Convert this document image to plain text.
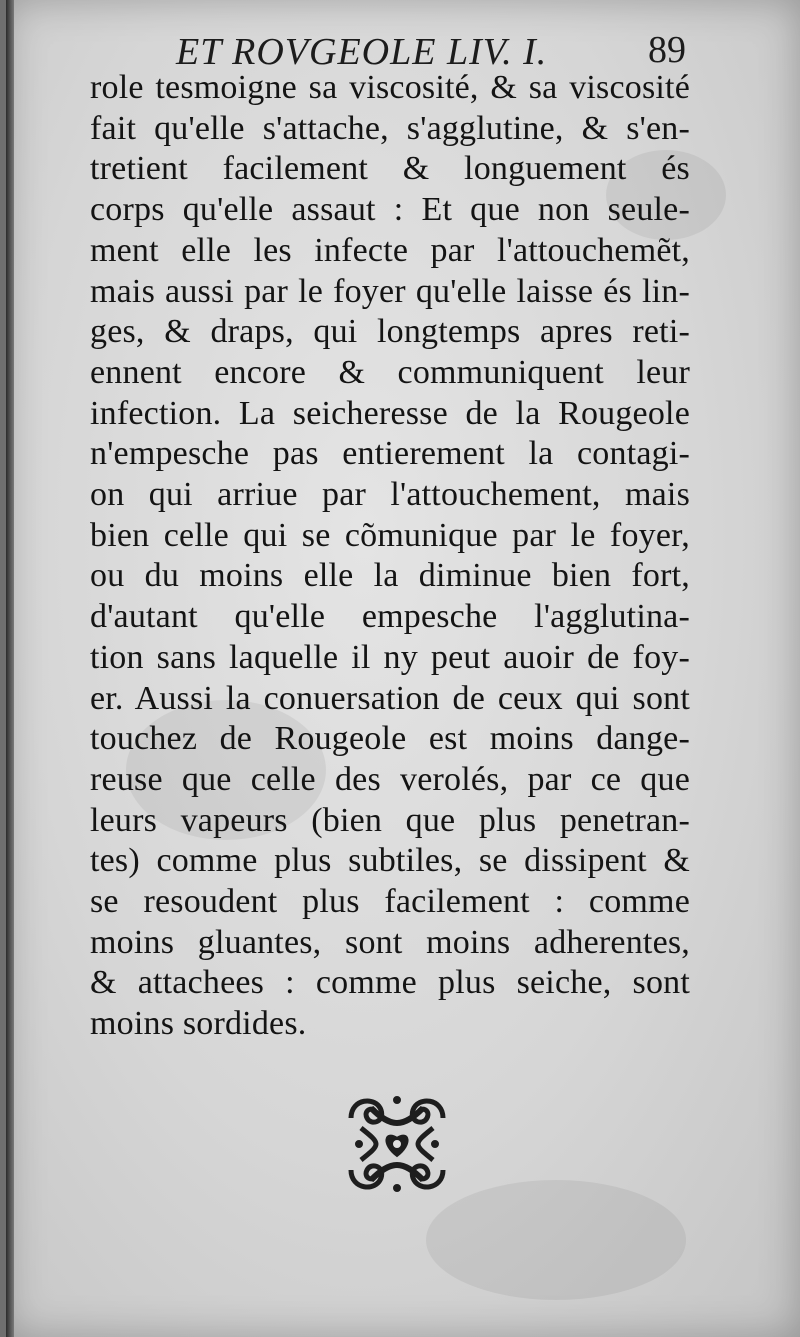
ET ROVGEOLE LIV. I.	89
role tesmoigne sa viscosité, & sa viscosité
fait qu'elle s'attache, s'agglutine, & s'en-
tretient facilement & longuement és
corps qu'elle assaut : Et que non seule-
ment elle les infecte par l'attouchemẽt,
mais aussi par le foyer qu'elle laisse és lin-
ges, & draps, qui longtemps apres reti-
ennent encore & communiquent leur
infection. La seicheresse de la Rougeole
n'empesche pas entierement la contagi-
on qui arriue par l'attouchement, mais
bien celle qui se cõmunique par le foyer,
ou du moins elle la diminue bien fort,
d'autant qu'elle empesche l'agglutina-
tion sans laquelle il ny peut auoir de foy-
er. Aussi la conuersation de ceux qui sont
touchez de Rougeole est moins dange-
reuse que celle des verolés, par ce que
leurs vapeurs (bien que plus penetran-
tes) comme plus subtiles, se dissipent &
se resoudent plus facilement : comme
moins gluantes, sont moins adherentes,
& attachees : comme plus seiche, sont
moins sordides.
